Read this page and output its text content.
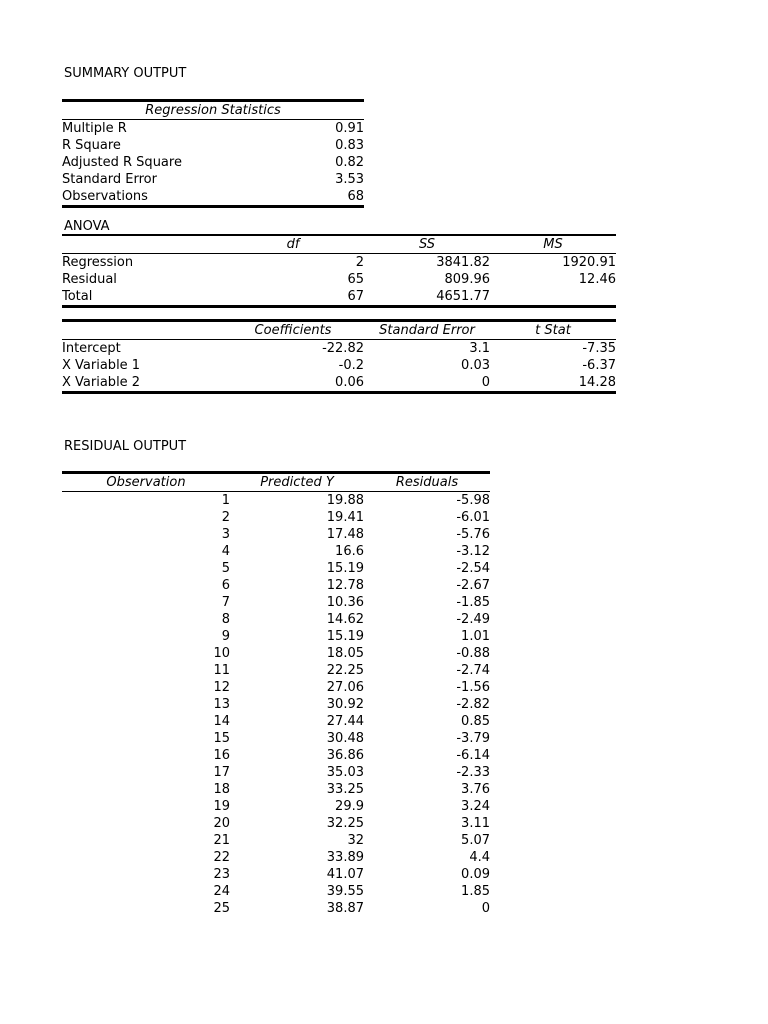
SUMMARY OUTPUT
Regression Statistics	
Multiple R	0.91
R Square	0.83
Adjusted R Square	0.82
Standard Error	3.53
Observations	68
ANOVA
	df	SS	MS
Regression	2	3841.82	1920.91
Residual	65	809.96	12.46
Total	67	4651.77	
	Coefficients	Standard Error	t Stat
Intercept	-22.82	3.1	-7.35
X Variable 1	-0.2	0.03	-6.37
X Variable 2	0.06	0	14.28
RESIDUAL OUTPUT
Observation	Predicted Y	Residuals
1	19.88	-5.98
2	19.41	-6.01
3	17.48	-5.76
4	16.6	-3.12
5	15.19	-2.54
6	12.78	-2.67
7	10.36	-1.85
8	14.62	-2.49
9	15.19	1.01
10	18.05	-0.88
11	22.25	-2.74
12	27.06	-1.56
13	30.92	-2.82
14	27.44	0.85
15	30.48	-3.79
16	36.86	-6.14
17	35.03	-2.33
18	33.25	3.76
19	29.9	3.24
20	32.25	3.11
21	32	5.07
22	33.89	4.4
23	41.07	0.09
24	39.55	1.85
25	38.87	0
